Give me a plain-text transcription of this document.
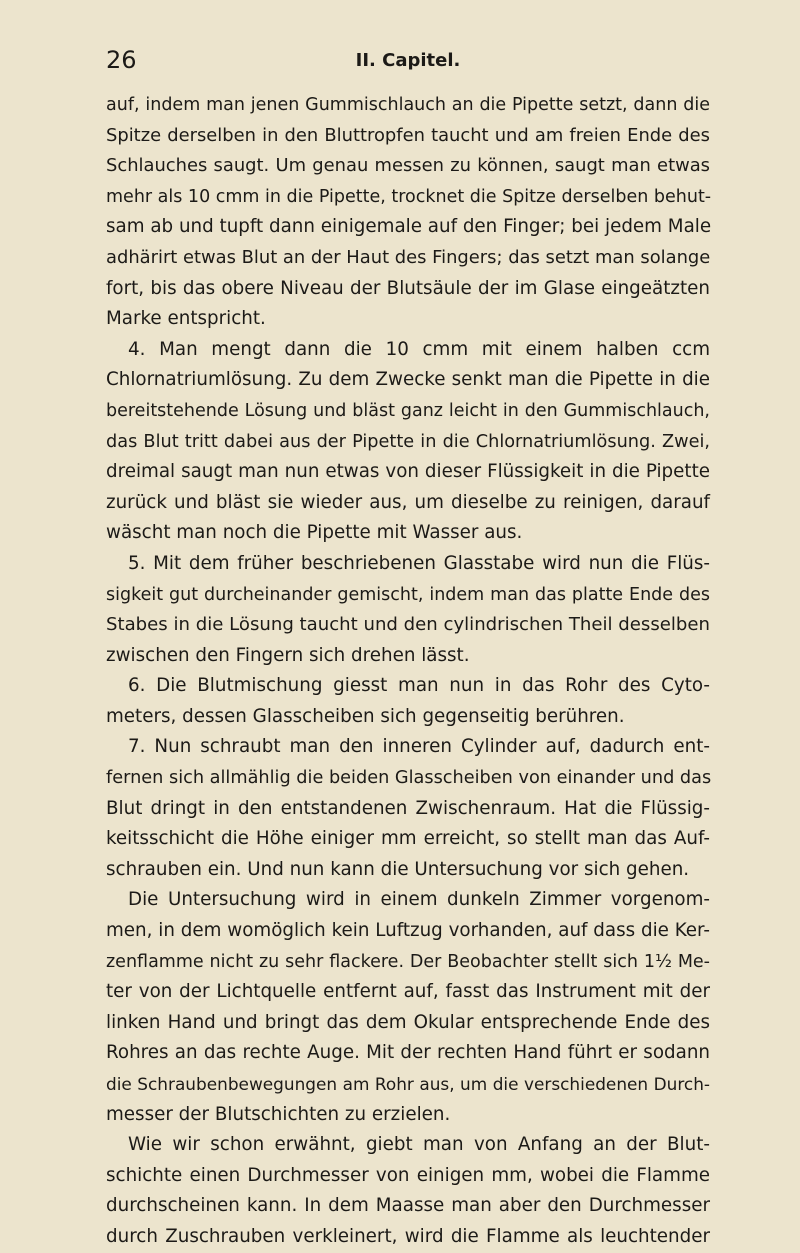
26	II. Capitel.
auf, indem man jenen Gummischlauch an die Pipette setzt, dann die
Spitze derselben in den Bluttropfen taucht und am freien Ende des
Schlauches saugt. Um genau messen zu können, saugt man etwas
mehr als 10 cmm in die Pipette, trocknet die Spitze derselben behut-
sam ab und tupft dann einigemale auf den Finger; bei jedem Male
adhärirt etwas Blut an der Haut des Fingers; das setzt man solange
fort, bis das obere Niveau der Blutsäule der im Glase eingeätzten
Marke entspricht.
4. Man mengt dann die 10 cmm mit einem halben ccm
Chlornatriumlösung. Zu dem Zwecke senkt man die Pipette in die
bereitstehende Lösung und bläst ganz leicht in den Gummischlauch,
das Blut tritt dabei aus der Pipette in die Chlornatriumlösung. Zwei,
dreimal saugt man nun etwas von dieser Flüssigkeit in die Pipette
zurück und bläst sie wieder aus, um dieselbe zu reinigen, darauf
wäscht man noch die Pipette mit Wasser aus.
5. Mit dem früher beschriebenen Glasstabe wird nun die Flüs-
sigkeit gut durcheinander gemischt, indem man das platte Ende des
Stabes in die Lösung taucht und den cylindrischen Theil desselben
zwischen den Fingern sich drehen lässt.
6. Die Blutmischung giesst man nun in das Rohr des Cyto-
meters, dessen Glasscheiben sich gegenseitig berühren.
7. Nun schraubt man den inneren Cylinder auf, dadurch ent-
fernen sich allmählig die beiden Glasscheiben von einander und das
Blut dringt in den entstandenen Zwischenraum. Hat die Flüssig-
keitsschicht die Höhe einiger mm erreicht, so stellt man das Auf-
schrauben ein. Und nun kann die Untersuchung vor sich gehen.
Die Untersuchung wird in einem dunkeln Zimmer vorgenom-
men, in dem womöglich kein Luftzug vorhanden, auf dass die Ker-
zenflamme nicht zu sehr flackere. Der Beobachter stellt sich 1½ Me-
ter von der Lichtquelle entfernt auf, fasst das Instrument mit der
linken Hand und bringt das dem Okular entsprechende Ende des
Rohres an das rechte Auge. Mit der rechten Hand führt er sodann
die Schraubenbewegungen am Rohr aus, um die verschiedenen Durch-
messer der Blutschichten zu erzielen.
Wie wir schon erwähnt, giebt man von Anfang an der Blut-
schichte einen Durchmesser von einigen mm, wobei die Flamme
durchscheinen kann. In dem Maasse man aber den Durchmesser
durch Zuschrauben verkleinert, wird die Flamme als leuchtender
